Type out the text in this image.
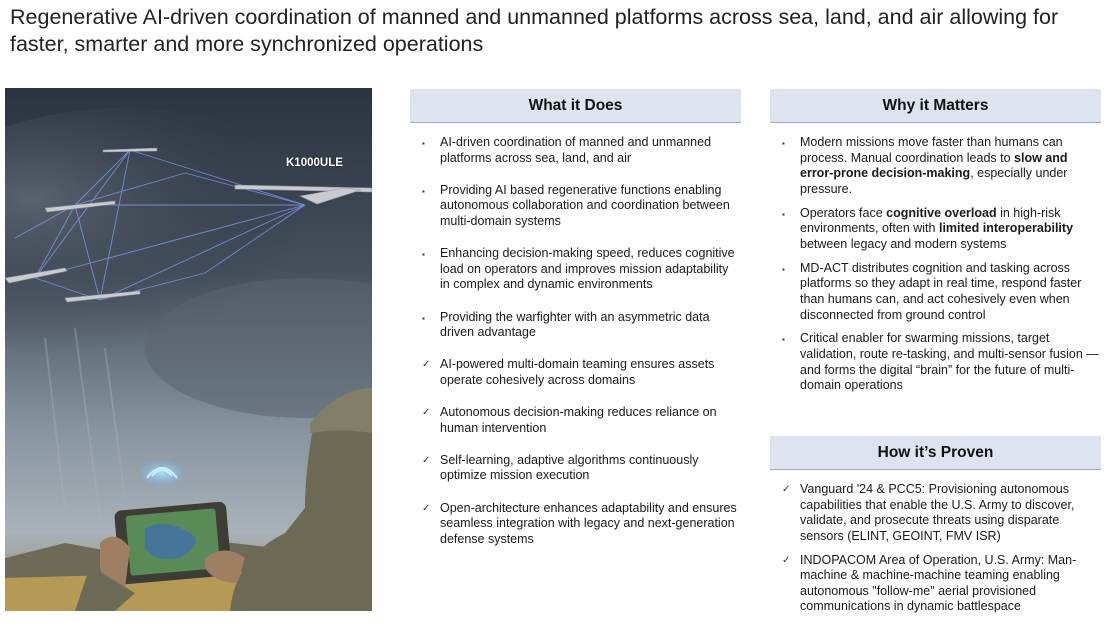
Regenerative AI-driven coordination of manned and unmanned platforms across sea, land, and air allowing for faster, smarter and more synchronized operations
K1000ULE
What it Does
▪	AI-driven coordination of manned and unmanned platforms across sea, land, and air
▪	Providing AI based regenerative functions enabling autonomous collaboration and coordination between multi-domain systems
▪	Enhancing decision-making speed, reduces cognitive load on operators and improves mission adaptability in complex and dynamic environments
▪	Providing the warfighter with an asymmetric data driven advantage
✓ AI-powered multi-domain teaming ensures assets operate cohesively across domains
✓ Autonomous decision-making reduces reliance on human intervention
✓ Self-learning, adaptive algorithms continuously optimize mission execution
✓ Open-architecture enhances adaptability and ensures seamless integration with legacy and next-generation defense systems
Why it Matters
▪	Modern missions move faster than humans can process. Manual coordination leads to slow and error-prone decision-making, especially under pressure.
▪	Operators face cognitive overload in high-risk environments, often with limited interoperability between legacy and modern systems
▪	MD-ACT distributes cognition and tasking across platforms so they adapt in real time, respond faster than humans can, and act cohesively even when disconnected from ground control
▪	Critical enabler for swarming missions, target validation, route re-tasking, and multi-sensor fusion — and forms the digital “brain” for the future of multi-domain operations
How it’s Proven
✓ Vanguard '24 & PCC5: Provisioning autonomous capabilities that enable the U.S. Army to discover, validate, and prosecute threats using disparate sensors (ELINT, GEOINT, FMV ISR)
✓ INDOPACOM Area of Operation, U.S. Army: Man-machine & machine-machine teaming enabling autonomous "follow-me" aerial provisioned communications in dynamic battlespace
